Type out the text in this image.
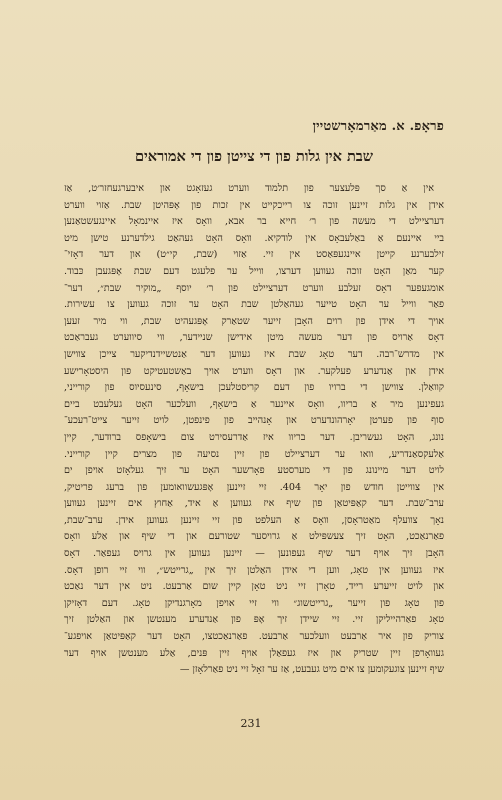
פראָפ. א. מאַרמאָרשטיין
שבת אין גלות פון די צייטן פון די אמוראים
אין אַ סך פּלעצער פון תלמוד ווערט געזאָגט און איבערגעחזר׳ט, אַז
אידן אין גלות זיינען זוכה צו רייכקייט אין זכות פון אָפּהיטן שבת. אַזוי ווערט
דערציילט די מעשה פון ר׳ חייא בר אבא, וואָס איז איינמאָל איינגעשטאַנען
ביי איינעם אַ באַלעבאָס אין לודקיא. וואָס האָט געהאַט גילדערנע טישן מיט
זילבערנע קייטן איינגעפּאַסט אין זיי. אַזוי (שבת, קי״ט) און דער דאָזי־
קער מאַן האָט זוכה געווען דערצו, ווייל ער פלעגט דעם שבת אָפּגעבן כּבוד.
אומגעפער דאָס זעלבע ווערט דערציילט פון ר׳ יוסף „מוקיר שבת״, דער־
פאַר ווייל ער האָט טייער געהאַלטן שבת האָט ער זוכה געווען צו עשירות.
אויך די אידן פון רוים האָבן זייער שטאַרק אָפּגעהיט שבת, ווי מיר זעען
דאָס אַרויס פון דער מעשה מיטן אידישן שניידער, ווי סיווערט געבראַכט
אין מדרש־רבה. דער טאָג שבת איז געווען דער אַנטשיידנדיקער צייכן צווישן
אידן און אַנדערע פעלקער. און דאָס ווערט אויך באַשטעטיקט פון היסטאָרישע
קוואַלן. צווישן די ברויו פון דעם קריסטלעכן בישאָף, סינעסיוס פון קורייני,
געפינען מיר אַ בריוו, וואָס איינער אַ בישאָף, וועלכער האָט געלעבט ביים
סוף פון פערטן יאָרהונדערט און אָנהייב פון פינפטן, לויט זייער צייט־רעכע־
נונג, האָט געשריבן. דער בריוו איז אַדרעסירט צום בישאָפס ברודער, קיין
אַלעקסאַנדריע, וואו ער דערציילט פון זיין נסיעה פון מצרים קיין קורייני.
לויט דער מיינונג פון די מערסטע פאָרשער האָט ער זיך געלאָזט אויפן ים
אין צווייטן חודש פון יאָר 404. זיי זיינען אָפּגעשוואומען פון ברעג פריטיק,
ערב־שבת. דער קאַפּיטאַן פון שיף איז געווען אַ איד, אַחוץ אים זיינען געווען
נאָך צוועלף מאַטראָסן, וואָס אַ העלפט פון זיי זיינען געווען אידן. ערב־שבת,
פאַרנאַכט, האָט זיך צעשפּילט אַ גרויסער שטורעם און די שיף און אַלע וואָס
האָבן זיך אויף דער שיף געפונען — זיינען געווען אין גרויס געפאַר. דאָס
איז געווען אין טאָג, ווען די אידן האַלטן זיך אין „גרייטש״, ווי זיי רופן דאָס.
און לויט זייערע רייד, טאָרן זיי ניט טאָן קיין שום אַרבעט. ניט אין דער נאַכט
פון טאָג פון זייער „גרייטשוג״ ווי זיי אויפן מאָרגנדיקן טאָג. דעם דאָזיקן
טאָג פאַרהייליקן זיי. זיי שיידן זיך אָפּ פון אַנדערע מענטשן און האַלטן זיך
צוריק פון איר אַרבעט וועלכער אַרבעט. פאַרנאַכטצו, האָט דער קאַפּיטאַן אויפגע־
געוואָרפן זיין שטריק און איז געפאַלן אויף זיין פּנים, אַלע מענטשן אויף דער
שיף זיינען צוגעקומען צו אים מיט געבעט, אַז ער זאָל זיי ניט פאַרלאָזן —
231
